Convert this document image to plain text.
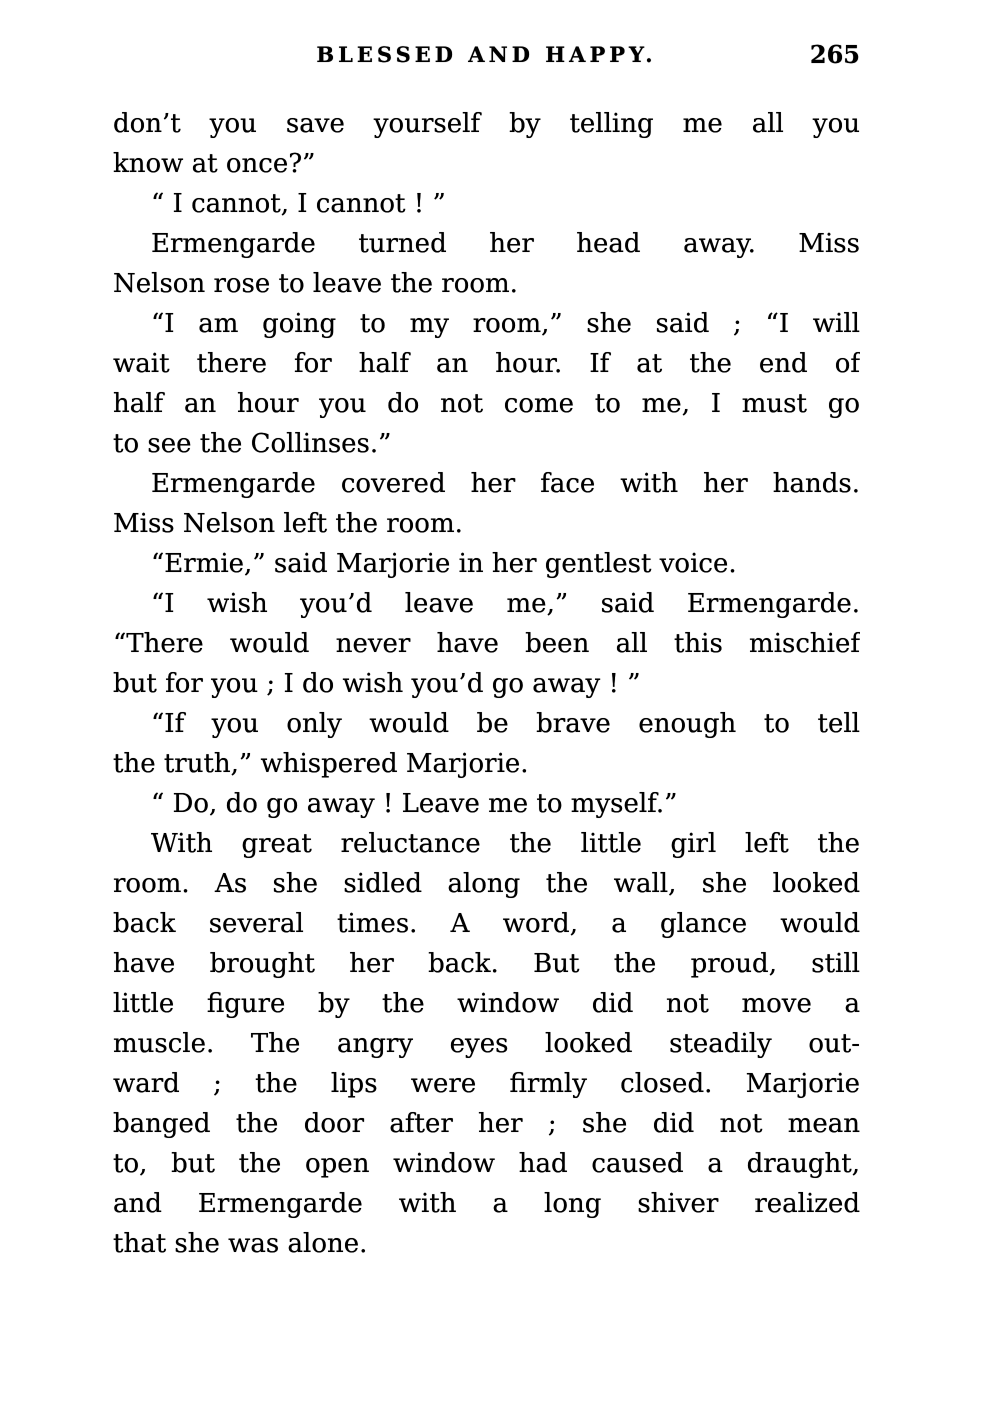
BLESSED AND HAPPY.	265
don’t you save yourself by telling me all you
know at once?”
“ I cannot, I cannot ! ”
Ermengarde turned her head away. Miss
Nelson rose to leave the room.
“I am going to my room,” she said ; “I will
wait there for half an hour. If at the end of
half an hour you do not come to me, I must go
to see the Collinses.”
Ermengarde covered her face with her hands.
Miss Nelson left the room.
“Ermie,” said Marjorie in her gentlest voice.
“I wish you’d leave me,” said Ermengarde.
“There would never have been all this mischief
but for you ; I do wish you’d go away ! ”
“If you only would be brave enough to tell
the truth,” whispered Marjorie.
“ Do, do go away ! Leave me to myself.”
With great reluctance the little girl left the
room. As she sidled along the wall, she looked
back several times. A word, a glance would
have brought her back. But the proud, still
little figure by the window did not move a
muscle. The angry eyes looked steadily out-
ward ; the lips were firmly closed. Marjorie
banged the door after her ; she did not mean
to, but the open window had caused a draught,
and Ermengarde with a long shiver realized
that she was alone.
